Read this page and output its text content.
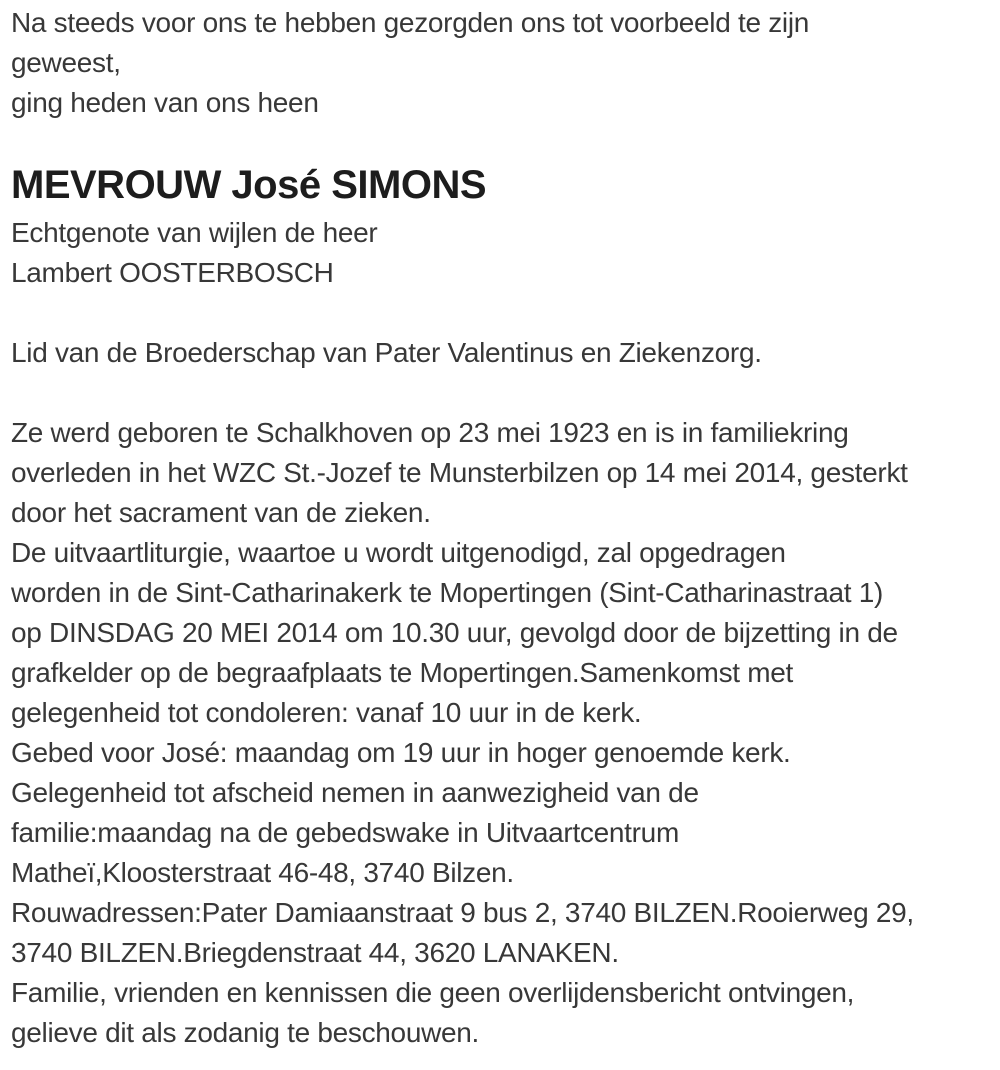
Na steeds voor ons te hebben gezorgden ons tot voorbeeld te zijn
geweest,
ging heden van ons heen
MEVROUW José SIMONS
Echtgenote van wijlen de heer
Lambert OOSTERBOSCH
Lid van de Broederschap van Pater Valentinus en Ziekenzorg.
Ze werd geboren te Schalkhoven op 23 mei 1923 en is in familiekring
overleden in het WZC St.-Jozef te Munsterbilzen op 14 mei 2014, gesterkt
door het sacrament van de zieken.
De uitvaartliturgie, waartoe u wordt uitgenodigd, zal opgedragen
worden in de Sint-Catharinakerk te Mopertingen (Sint-Catharinastraat 1)
op DINSDAG 20 MEI 2014 om 10.30 uur, gevolgd door de bijzetting in de
grafkelder op de begraafplaats te Mopertingen.Samenkomst met
gelegenheid tot condoleren: vanaf 10 uur in de kerk.
Gebed voor José: maandag om 19 uur in hoger genoemde kerk.
Gelegenheid tot afscheid nemen in aanwezigheid van de
familie:maandag na de gebedswake in Uitvaartcentrum
Matheï,Kloosterstraat 46-48, 3740 Bilzen.
Rouwadressen:Pater Damiaanstraat 9 bus 2, 3740 BILZEN.Rooierweg 29,
3740 BILZEN.Briegdenstraat 44, 3620 LANAKEN.
Familie, vrienden en kennissen die geen overlijdensbericht ontvingen,
gelieve dit als zodanig te beschouwen.
